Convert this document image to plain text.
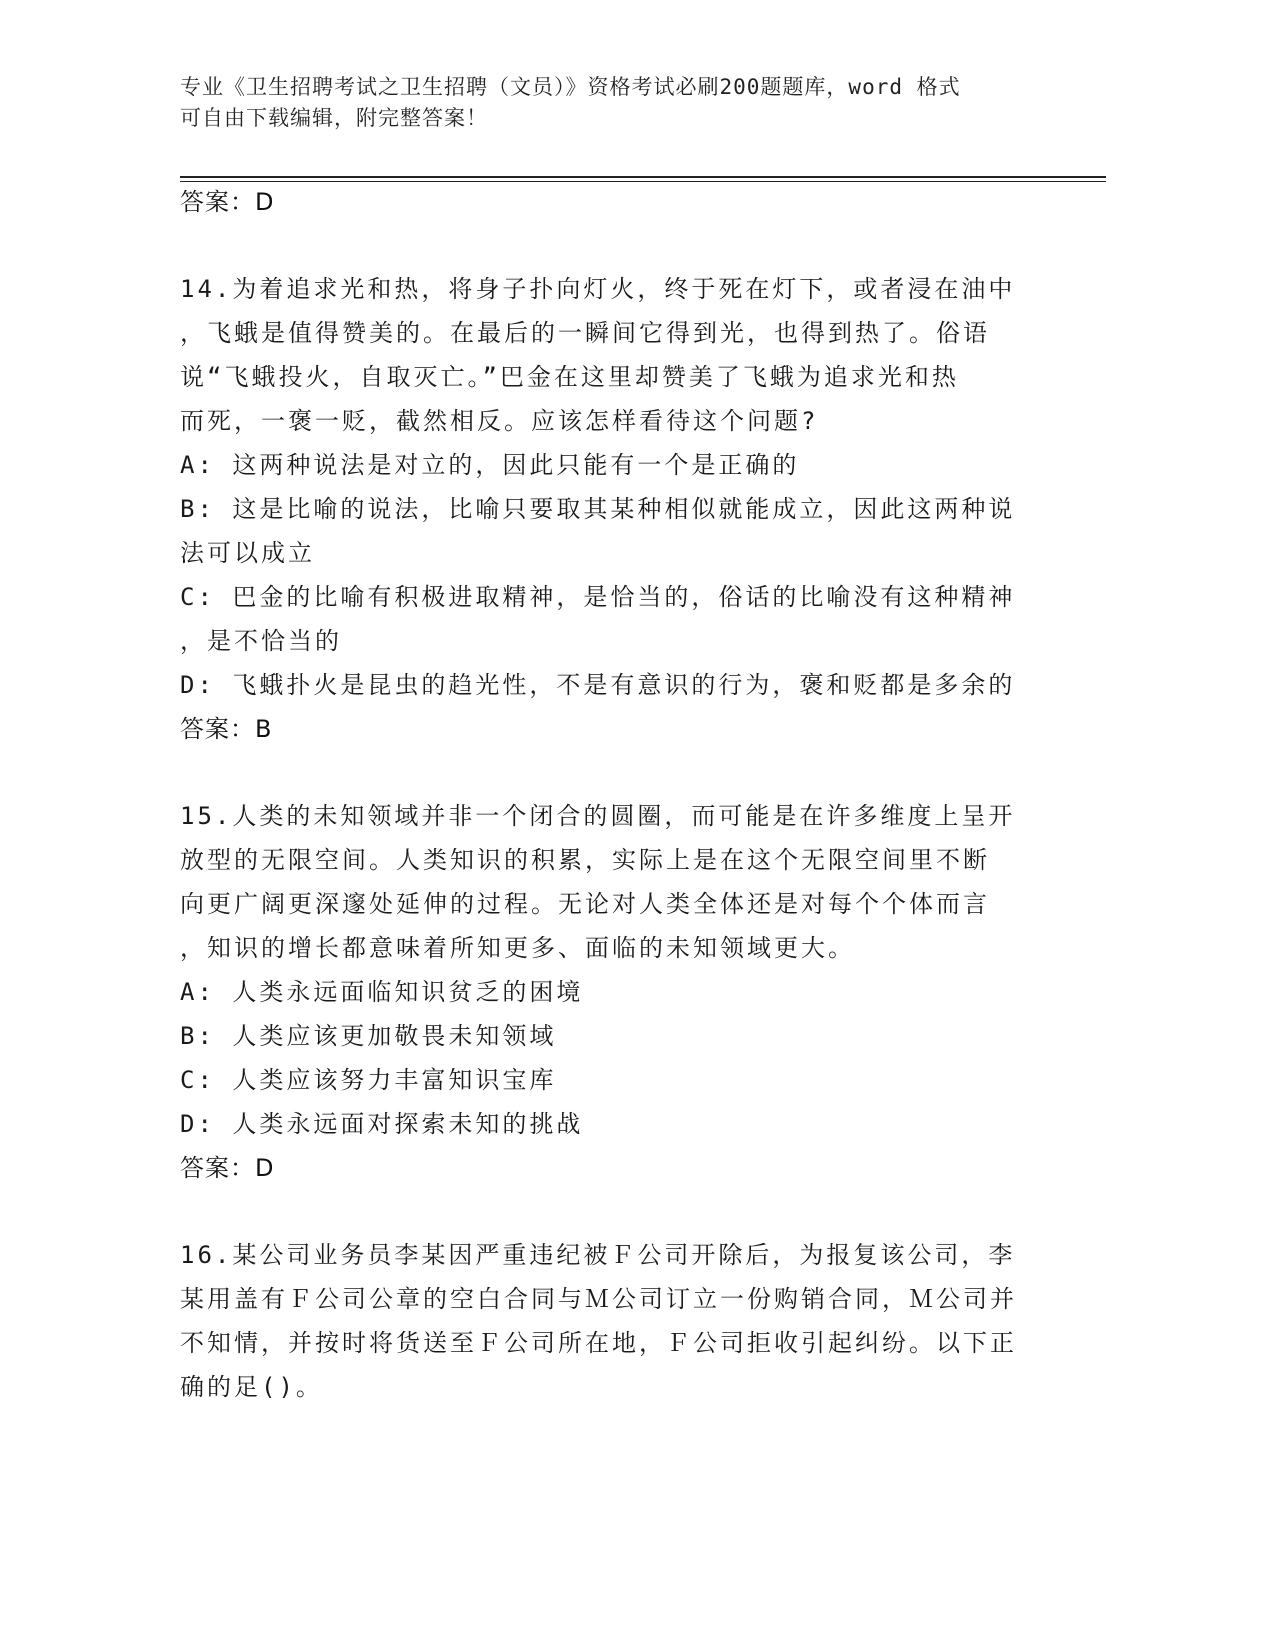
专业《卫生招聘考试之卫生招聘（文员）》资格考试必刷200题题库，word 格式
可自由下载编辑，附完整答案！

答案：D

14.为着追求光和热，将身子扑向灯火，终于死在灯下，或者浸在油中

，飞蛾是值得赞美的。在最后的一瞬间它得到光，也得到热了。俗语

说“飞蛾投火，自取灭亡。”巴金在这里却赞美了飞蛾为追求光和热

而死，一褒一贬，截然相反。应该怎样看待这个问题?

A: 这两种说法是对立的，因此只能有一个是正确的

B: 这是比喻的说法，比喻只要取其某种相似就能成立，因此这两种说

法可以成立

C: 巴金的比喻有积极进取精神，是恰当的，俗话的比喻没有这种精神

，是不恰当的

D: 飞蛾扑火是昆虫的趋光性，不是有意识的行为，褒和贬都是多余的

答案：B

15.人类的未知领域并非一个闭合的圆圈，而可能是在许多维度上呈开

放型的无限空间。人类知识的积累，实际上是在这个无限空间里不断

向更广阔更深邃处延伸的过程。无论对人类全体还是对每个个体而言

，知识的增长都意味着所知更多、面临的未知领域更大。

A: 人类永远面临知识贫乏的困境

B: 人类应该更加敬畏未知领域

C: 人类应该努力丰富知识宝库

D: 人类永远面对探索未知的挑战

答案：D

16.某公司业务员李某因严重违纪被Ｆ公司开除后，为报复该公司，李

某用盖有Ｆ公司公章的空白合同与Ｍ公司订立一份购销合同，Ｍ公司并

不知情，并按时将货送至Ｆ公司所在地，Ｆ公司拒收引起纠纷。以下正

确的足()。
